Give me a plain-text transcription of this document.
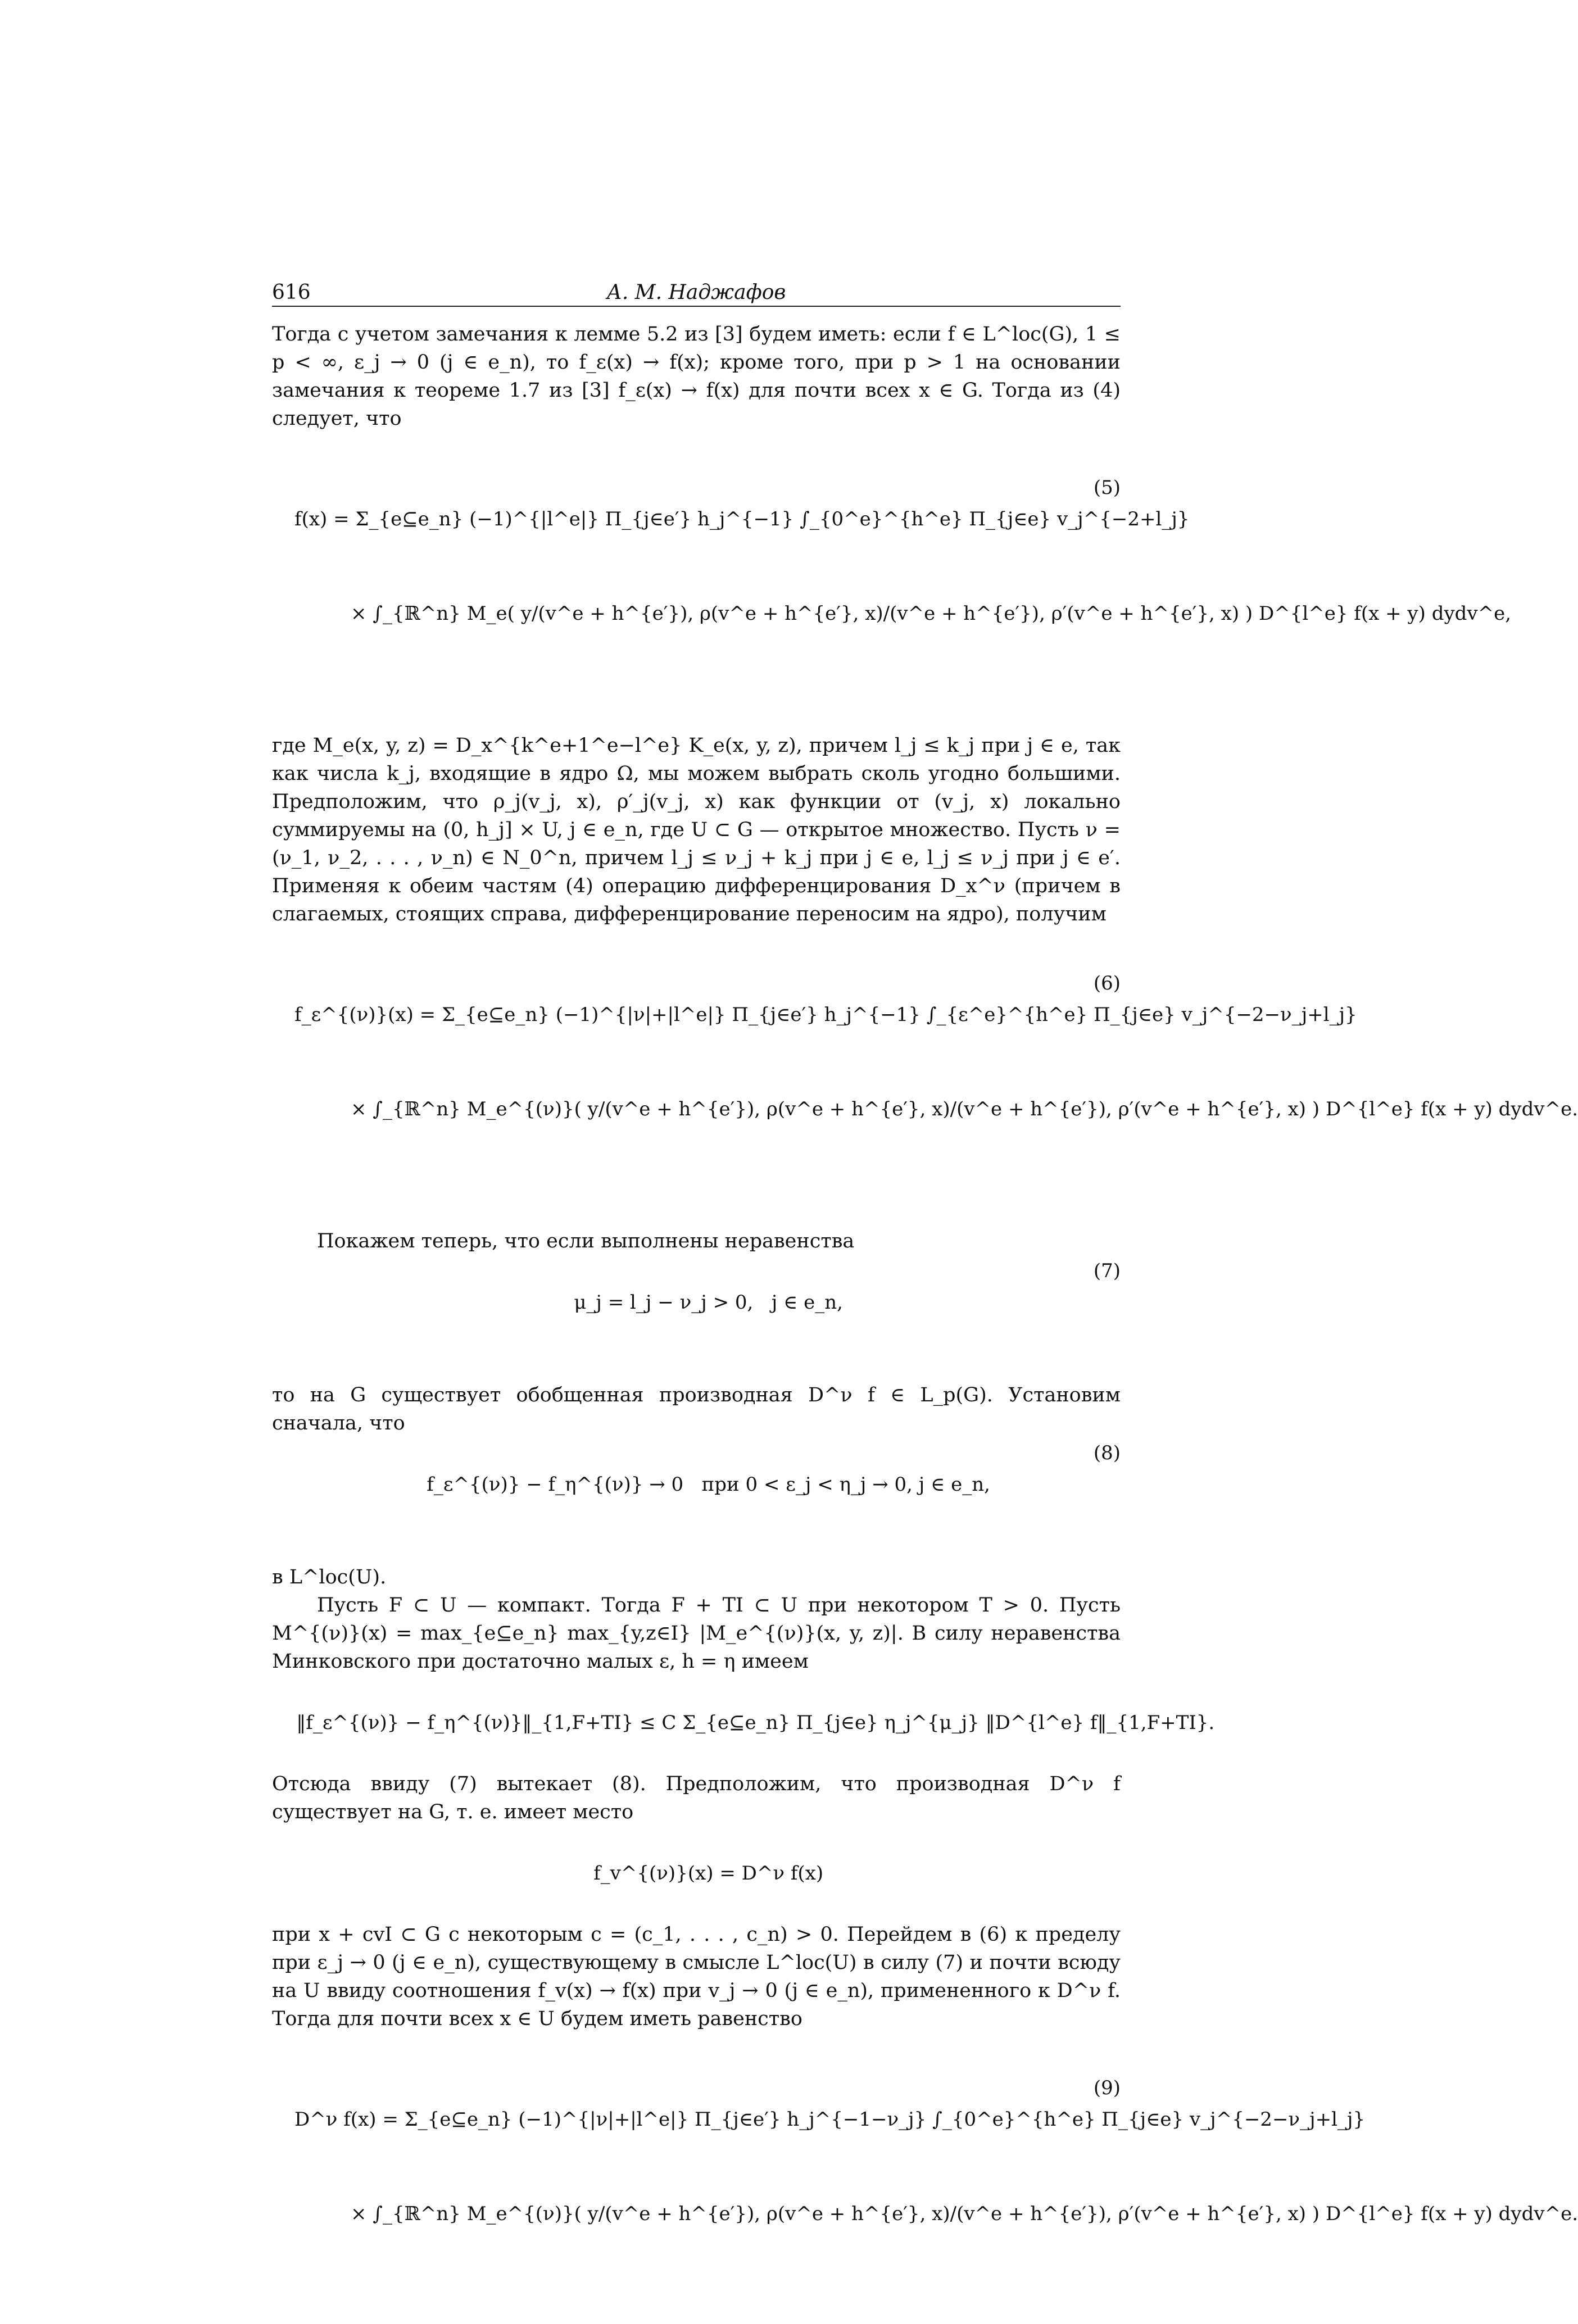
616	А. М. Наджафов

Тогда с учетом замечания к лемме 5.2 из [3] будем иметь: если f ∈ L^loc(G), 1 ≤ p < ∞, ε_j → 0 (j ∈ e_n), то f_ε(x) → f(x); кроме того, при p > 1 на основании замечания к теореме 1.7 из [3] f_ε(x) → f(x) для почти всех x ∈ G. Тогда из (4) следует, что

f(x) = Σ_{e⊆e_n} (−1)^{|l^e|} Π_{j∈e′} h_j^{−1} ∫_{0^e}^{h^e} Π_{j∈e} v_j^{−2+l_j}

× ∫_{ℝ^n} M_e( y/(v^e + h^{e′}), ρ(v^e + h^{e′}, x)/(v^e + h^{e′}), ρ′(v^e + h^{e′}, x) ) D^{l^e} f(x + y) dydv^e,

(5)

где M_e(x, y, z) = D_x^{k^e+1^e−l^e} K_e(x, y, z), причем l_j ≤ k_j при j ∈ e, так как числа k_j, входящие в ядро Ω, мы можем выбрать сколь угодно большими. Предположим, что ρ_j(v_j, x), ρ′_j(v_j, x) как функции от (v_j, x) локально суммируемы на (0, h_j] × U, j ∈ e_n, где U ⊂ G — открытое множество. Пусть ν = (ν_1, ν_2, . . . , ν_n) ∈ N_0^n, причем l_j ≤ ν_j + k_j при j ∈ e, l_j ≤ ν_j при j ∈ e′. Применяя к обеим частям (4) операцию дифференцирования D_x^ν (причем в слагаемых, стоящих справа, дифференцирование переносим на ядро), получим

f_ε^{(ν)}(x) = Σ_{e⊆e_n} (−1)^{|ν|+|l^e|} Π_{j∈e′} h_j^{−1} ∫_{ε^e}^{h^e} Π_{j∈e} v_j^{−2−ν_j+l_j}

× ∫_{ℝ^n} M_e^{(ν)}( y/(v^e + h^{e′}), ρ(v^e + h^{e′}, x)/(v^e + h^{e′}), ρ′(v^e + h^{e′}, x) ) D^{l^e} f(x + y) dydv^e.

(6)

Покажем теперь, что если выполнены неравенства

μ_j = l_j − ν_j > 0,   j ∈ e_n,

(7)

то на G существует обобщенная производная D^ν f ∈ L_p(G). Установим сначала, что

f_ε^{(ν)} − f_η^{(ν)} → 0   при 0 < ε_j < η_j → 0, j ∈ e_n,

(8)

в L^loc(U).

Пусть F ⊂ U — компакт. Тогда F + TI ⊂ U при некотором T > 0. Пусть M^{(ν)}(x) = max_{e⊆e_n} max_{y,z∈I} |M_e^{(ν)}(x, y, z)|. В силу неравенства Минковского при достаточно малых ε, h = η имеем

‖f_ε^{(ν)} − f_η^{(ν)}‖_{1,F+TI} ≤ C Σ_{e⊆e_n} Π_{j∈e} η_j^{μ_j} ‖D^{l^e} f‖_{1,F+TI}.

Отсюда ввиду (7) вытекает (8). Предположим, что производная D^ν f существует на G, т. е. имеет место

f_v^{(ν)}(x) = D^ν f(x)

при x + cvI ⊂ G с некоторым c = (c_1, . . . , c_n) > 0. Перейдем в (6) к пределу при ε_j → 0 (j ∈ e_n), существующему в смысле L^loc(U) в силу (7) и почти всюду на U ввиду соотношения f_v(x) → f(x) при v_j → 0 (j ∈ e_n), примененного к D^ν f. Тогда для почти всех x ∈ U будем иметь равенство

D^ν f(x) = Σ_{e⊆e_n} (−1)^{|ν|+|l^e|} Π_{j∈e′} h_j^{−1−ν_j} ∫_{0^e}^{h^e} Π_{j∈e} v_j^{−2−ν_j+l_j}

× ∫_{ℝ^n} M_e^{(ν)}( y/(v^e + h^{e′}), ρ(v^e + h^{e′}, x)/(v^e + h^{e′}), ρ′(v^e + h^{e′}, x) ) D^{l^e} f(x + y) dydv^e.

(9)
